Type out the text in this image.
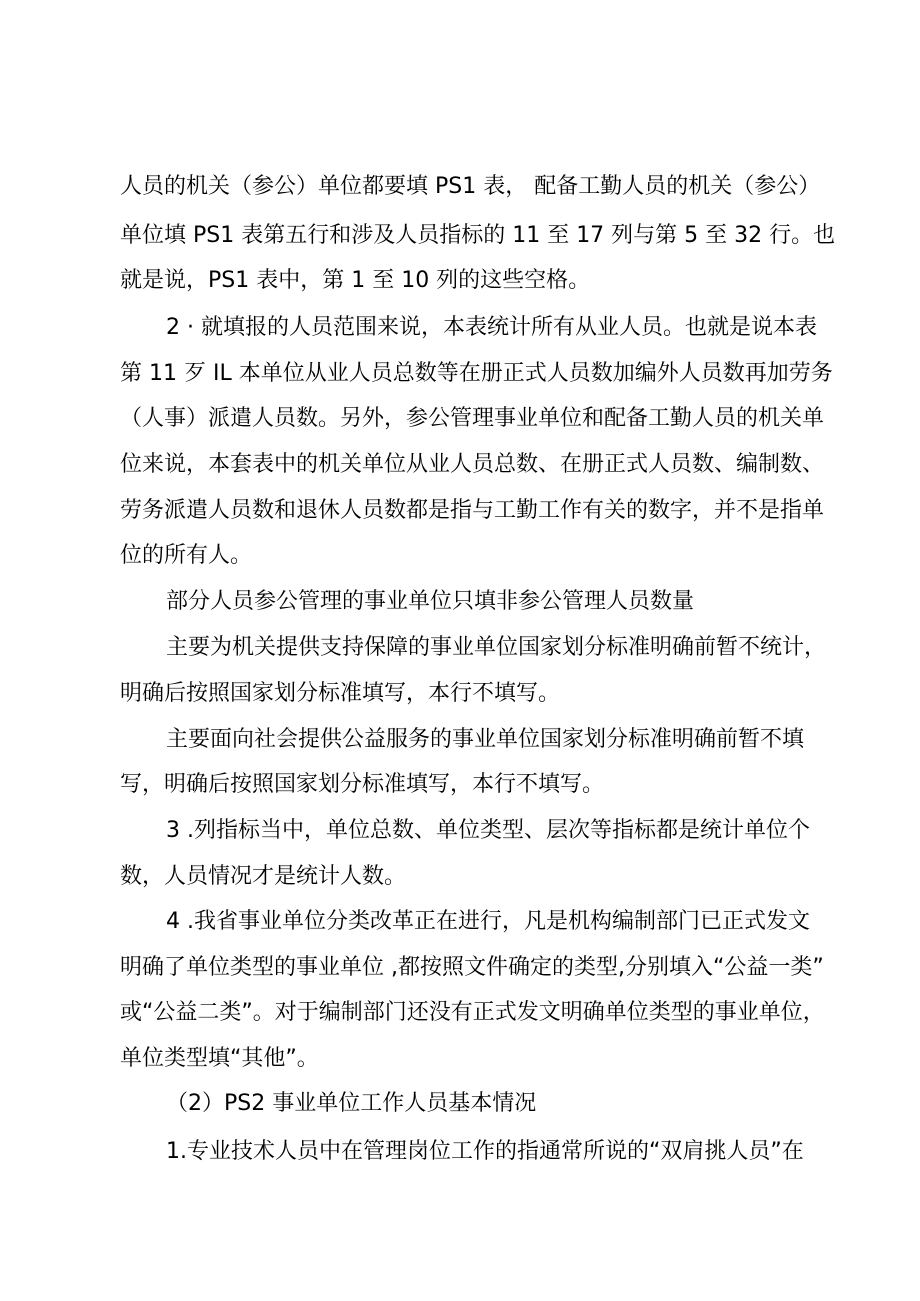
人员的机关（参公）单位都要填 PS1 表， 配备工勤人员的机关（参公）
单位填 PS1 表第五行和涉及人员指标的 11 至 17 列与第 5 至 32 行。也
就是说，PS1 表中，第 1 至 10 列的这些空格。
2 · 就填报的人员范围来说，本表统计所有从业人员。也就是说本表
第 11 歹 IL 本单位从业人员总数等在册正式人员数加编外人员数再加劳务
（人事）派遣人员数。另外，参公管理事业单位和配备工勤人员的机关单
位来说，本套表中的机关单位从业人员总数、在册正式人员数、编制数、
劳务派遣人员数和退休人员数都是指与工勤工作有关的数字，并不是指单
位的所有人。
部分人员参公管理的事业单位只填非参公管理人员数量
主要为机关提供支持保障的事业单位国家划分标准明确前暂不统计，
明确后按照国家划分标准填写，本行不填写。
主要面向社会提供公益服务的事业单位国家划分标准明确前暂不填
写，明确后按照国家划分标准填写，本行不填写。
3 .列指标当中，单位总数、单位类型、层次等指标都是统计单位个
数，人员情况才是统计人数。
4 .我省事业单位分类改革正在进行，凡是机构编制部门已正式发文
明确了单位类型的事业单位 ,都按照文件确定的类型,分别填入“公益一类”
或“公益二类”。对于编制部门还没有正式发文明确单位类型的事业单位，
单位类型填“其他”。
（2）PS2 事业单位工作人员基本情况
1.专业技术人员中在管理岗位工作的指通常所说的“双肩挑人员”在
